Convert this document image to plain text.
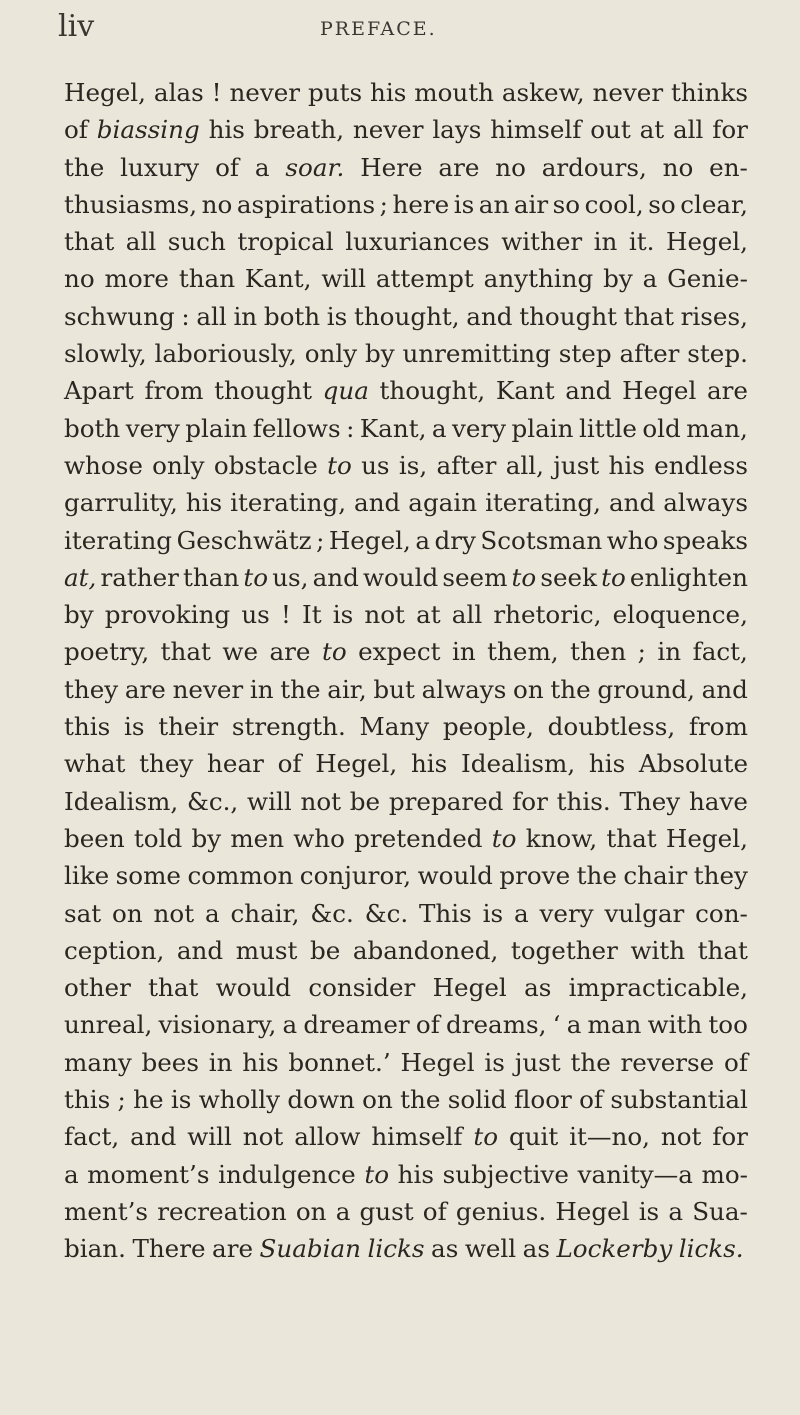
liv	PREFACE.
Hegel, alas ! never puts his mouth askew, never thinks
of biassing his breath, never lays himself out at all for
the luxury of a soar. Here are no ardours, no en-
thusiasms, no aspirations ; here is an air so cool, so clear,
that all such tropical luxuriances wither in it. Hegel,
no more than Kant, will attempt anything by a Genie-
schwung : all in both is thought, and thought that rises,
slowly, laboriously, only by unremitting step after step.
Apart from thought qua thought, Kant and Hegel are
both very plain fellows : Kant, a very plain little old man,
whose only obstacle to us is, after all, just his endless
garrulity, his iterating, and again iterating, and always
iterating Geschwätz ; Hegel, a dry Scotsman who speaks
at, rather than to us, and would seem to seek to enlighten
by provoking us ! It is not at all rhetoric, eloquence,
poetry, that we are to expect in them, then ; in fact,
they are never in the air, but always on the ground, and
this is their strength. Many people, doubtless, from
what they hear of Hegel, his Idealism, his Absolute
Idealism, &c., will not be prepared for this. They have
been told by men who pretended to know, that Hegel,
like some common conjuror, would prove the chair they
sat on not a chair, &c. &c. This is a very vulgar con-
ception, and must be abandoned, together with that
other that would consider Hegel as impracticable,
unreal, visionary, a dreamer of dreams, ‘ a man with too
many bees in his bonnet.’ Hegel is just the reverse of
this ; he is wholly down on the solid floor of substantial
fact, and will not allow himself to quit it—no, not for
a moment’s indulgence to his subjective vanity—a mo-
ment’s recreation on a gust of genius. Hegel is a Sua-
bian. There are Suabian licks as well as Lockerby licks.
